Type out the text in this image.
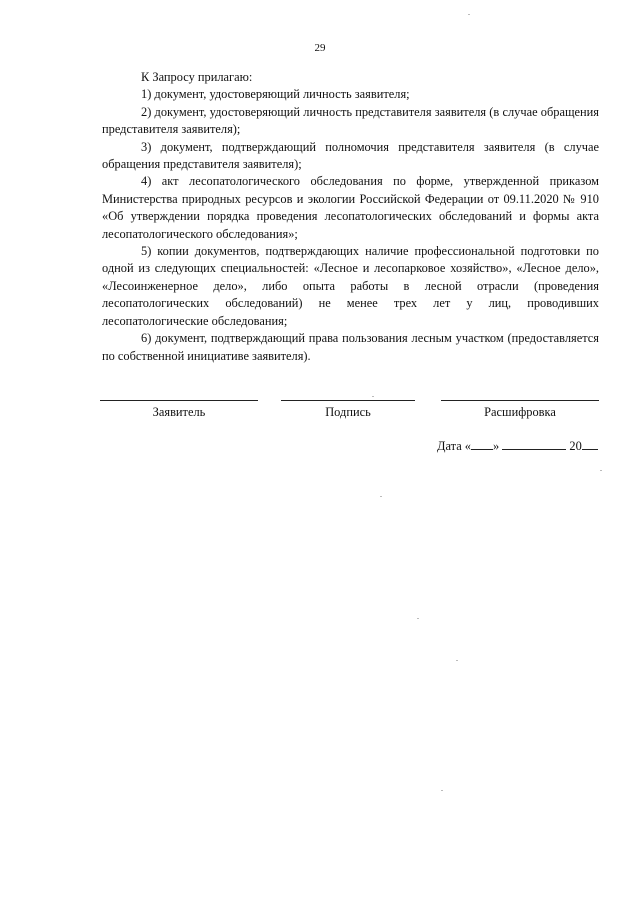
29

К Запросу прилагаю:

1) документ, удостоверяющий личность заявителя;

2) документ, удостоверяющий личность представителя заявителя (в случае обращения представителя заявителя);

3) документ, подтверждающий полномочия представителя заявителя (в случае обращения представителя заявителя);

4) акт лесопатологического обследования по форме, утвержденной приказом Министерства природных ресурсов и экологии Российской Федерации от 09.11.2020 № 910 «Об утверждении порядка проведения лесопатологических обследований и формы акта лесопатологического обследования»;

5) копии документов, подтверждающих наличие профессиональной подготовки по одной из следующих специальностей: «Лесное и лесопарковое хозяйство», «Лесное дело», «Лесоинженерное дело», либо опыта работы в лесной отрасли (проведения лесопатологических обследований) не менее трех лет у лиц, проводивших лесопатологические обследования;

6) документ, подтверждающий права пользования лесным участком (предоставляется по собственной инициативе заявителя).

Заявитель	Подпись	Расшифровка
Дата « »	20
